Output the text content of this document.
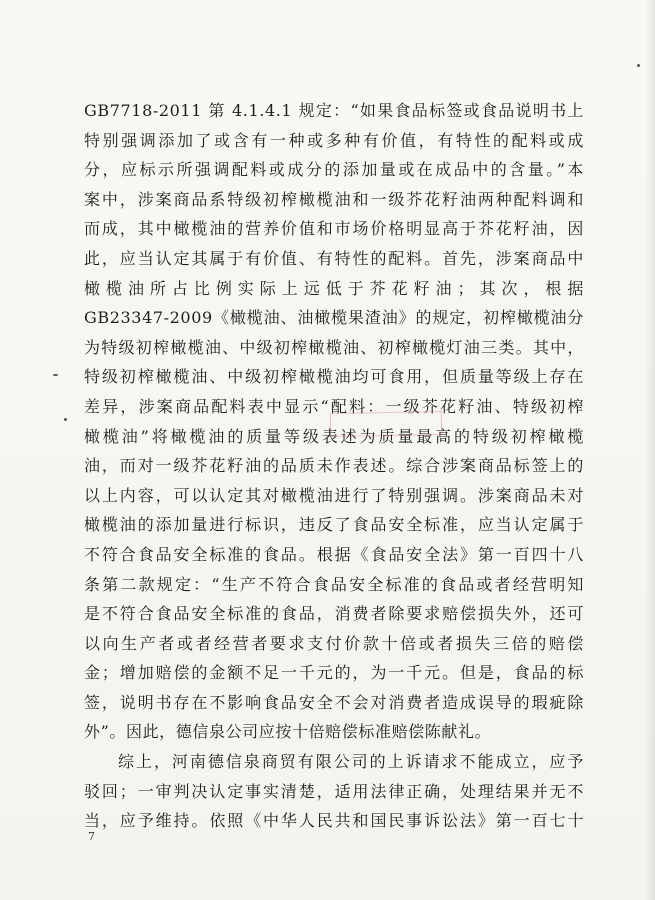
GB7718-2011 第 4.1.4.1 规定：“如果食品标签或食品说明书上
特别强调添加了或含有一种或多种有价值，有特性的配料或成
分，应标示所强调配料或成分的添加量或在成品中的含量。”本
案中，涉案商品系特级初榨橄榄油和一级芥花籽油两种配料调和
而成，其中橄榄油的营养价值和市场价格明显高于芥花籽油，因
此，应当认定其属于有价值、有特性的配料。首先，涉案商品中
橄榄油所占比例实际上远低于芥花籽油；其次，根据
GB23347-2009《橄榄油、油橄榄果渣油》的规定，初榨橄榄油分
为特级初榨橄榄油、中级初榨橄榄油、初榨橄榄灯油三类。其中，
特级初榨橄榄油、中级初榨橄榄油均可食用，但质量等级上存在
差异，涉案商品配料表中显示“配料：一级芥花籽油、特级初榨
橄榄油”将橄榄油的质量等级表述为质量最高的特级初榨橄榄
油，而对一级芥花籽油的品质未作表述。综合涉案商品标签上的
以上内容，可以认定其对橄榄油进行了特别强调。涉案商品未对
橄榄油的添加量进行标识，违反了食品安全标准，应当认定属于
不符合食品安全标准的食品。根据《食品安全法》第一百四十八
条第二款规定：“生产不符合食品安全标准的食品或者经营明知
是不符合食品安全标准的食品，消费者除要求赔偿损失外，还可
以向生产者或者经营者要求支付价款十倍或者损失三倍的赔偿
金；增加赔偿的金额不足一千元的，为一千元。但是，食品的标
签，说明书存在不影响食品安全不会对消费者造成误导的瑕疵除
外”。因此，德信泉公司应按十倍赔偿标准赔偿陈献礼。
综上，河南德信泉商贸有限公司的上诉请求不能成立，应予
驳回；一审判决认定事实清楚，适用法律正确，处理结果并无不
当，应予维持。依照《中华人民共和国民事诉讼法》第一百七十
7
